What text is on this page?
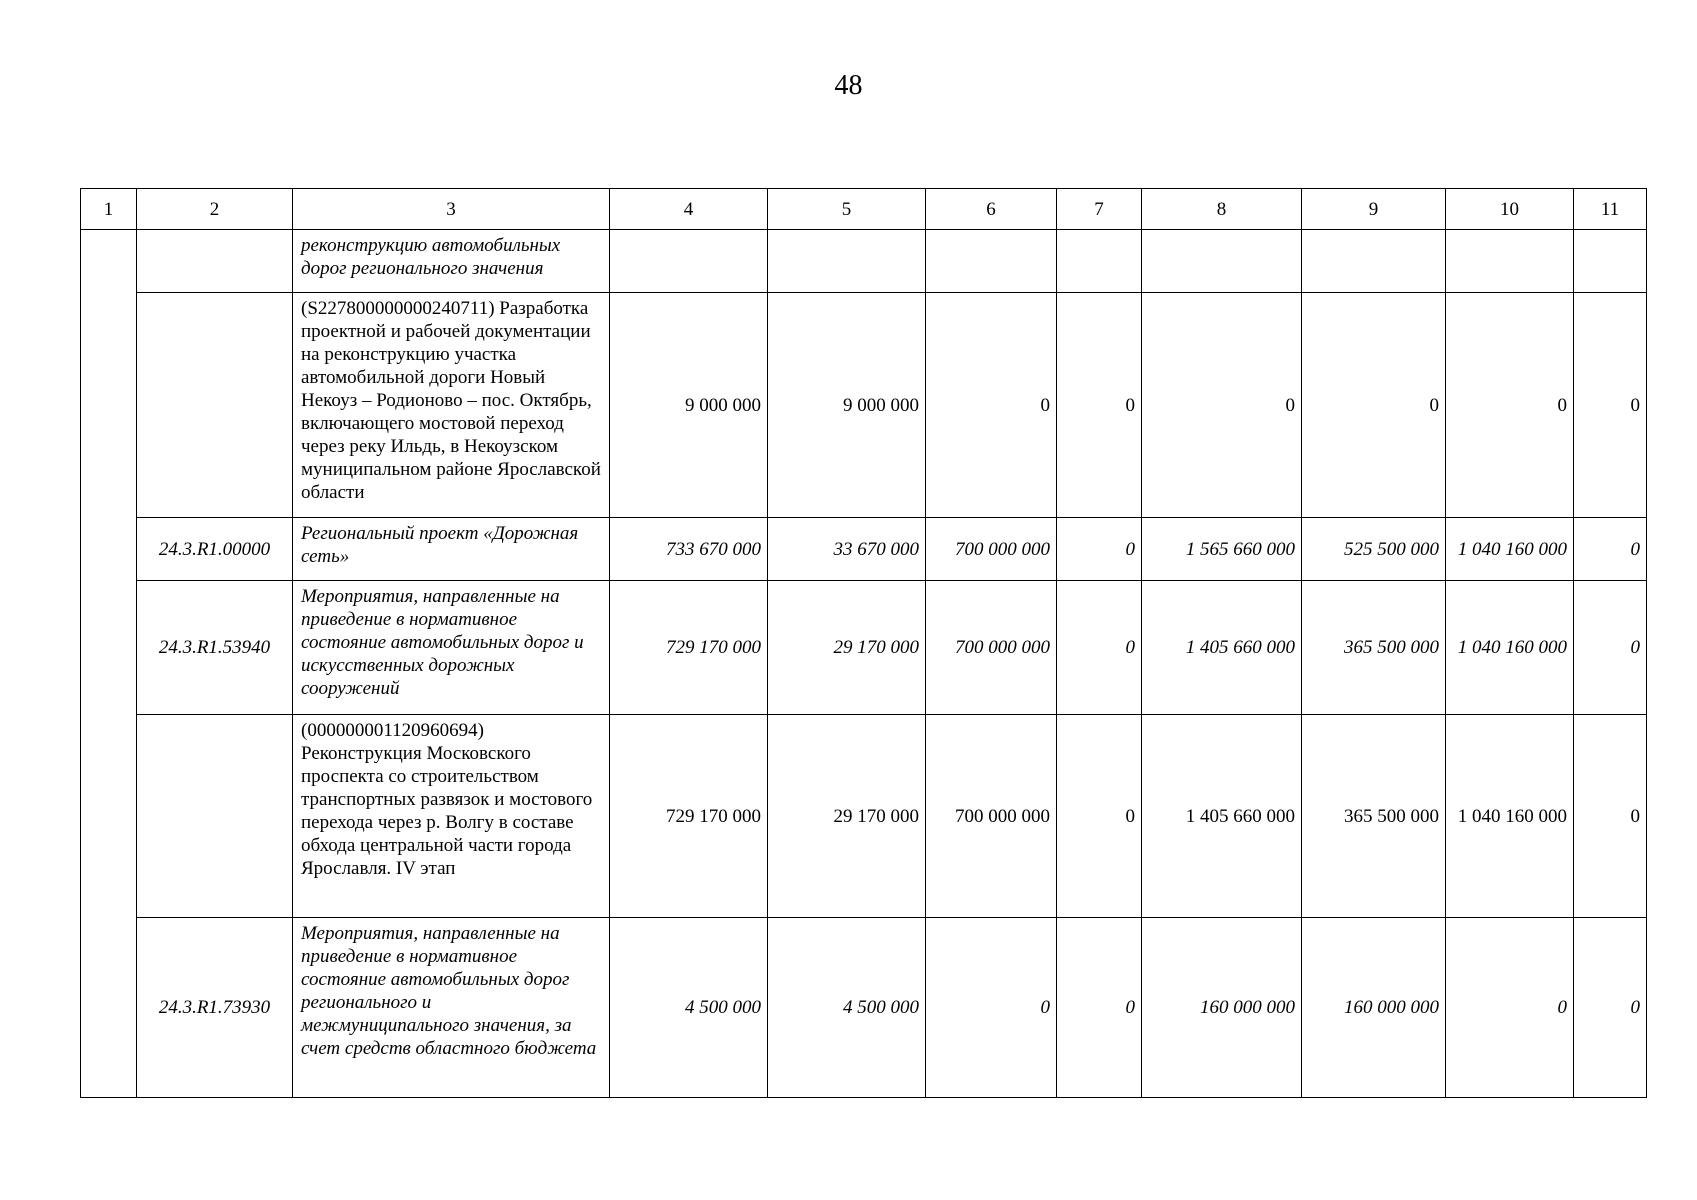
48
1	2	3	4	5	6	7	8	9	10	11
		реконструкцию автомобильных дорог регионального значения								
		(S227800000000240711) Разработка проектной и рабочей документации на реконструкцию участка автомобильной дороги Новый Некоуз – Родионово – пос. Октябрь, включающего мостовой переход через реку Ильдь, в Некоузском муниципальном районе Ярославской области	9 000 000	9 000 000	0	0	0	0	0	0
	24.3.R1.00000	Региональный проект «Дорожная сеть»	733 670 000	33 670 000	700 000 000	0	1 565 660 000	525 500 000	1 040 160 000	0
	24.3.R1.53940	Мероприятия, направленные на приведение в нормативное состояние автомобильных дорог и искусственных дорожных сооружений	729 170 000	29 170 000	700 000 000	0	1 405 660 000	365 500 000	1 040 160 000	0
		(000000001120960694) Реконструкция Московского проспекта со строительством транспортных развязок и мостового перехода через р. Волгу в составе обхода центральной части города Ярославля. IV этап	729 170 000	29 170 000	700 000 000	0	1 405 660 000	365 500 000	1 040 160 000	0
	24.3.R1.73930	Мероприятия, направленные на приведение в нормативное состояние автомобильных дорог регионального и межмуниципального значения, за счет средств областного бюджета	4 500 000	4 500 000	0	0	160 000 000	160 000 000	0	0
